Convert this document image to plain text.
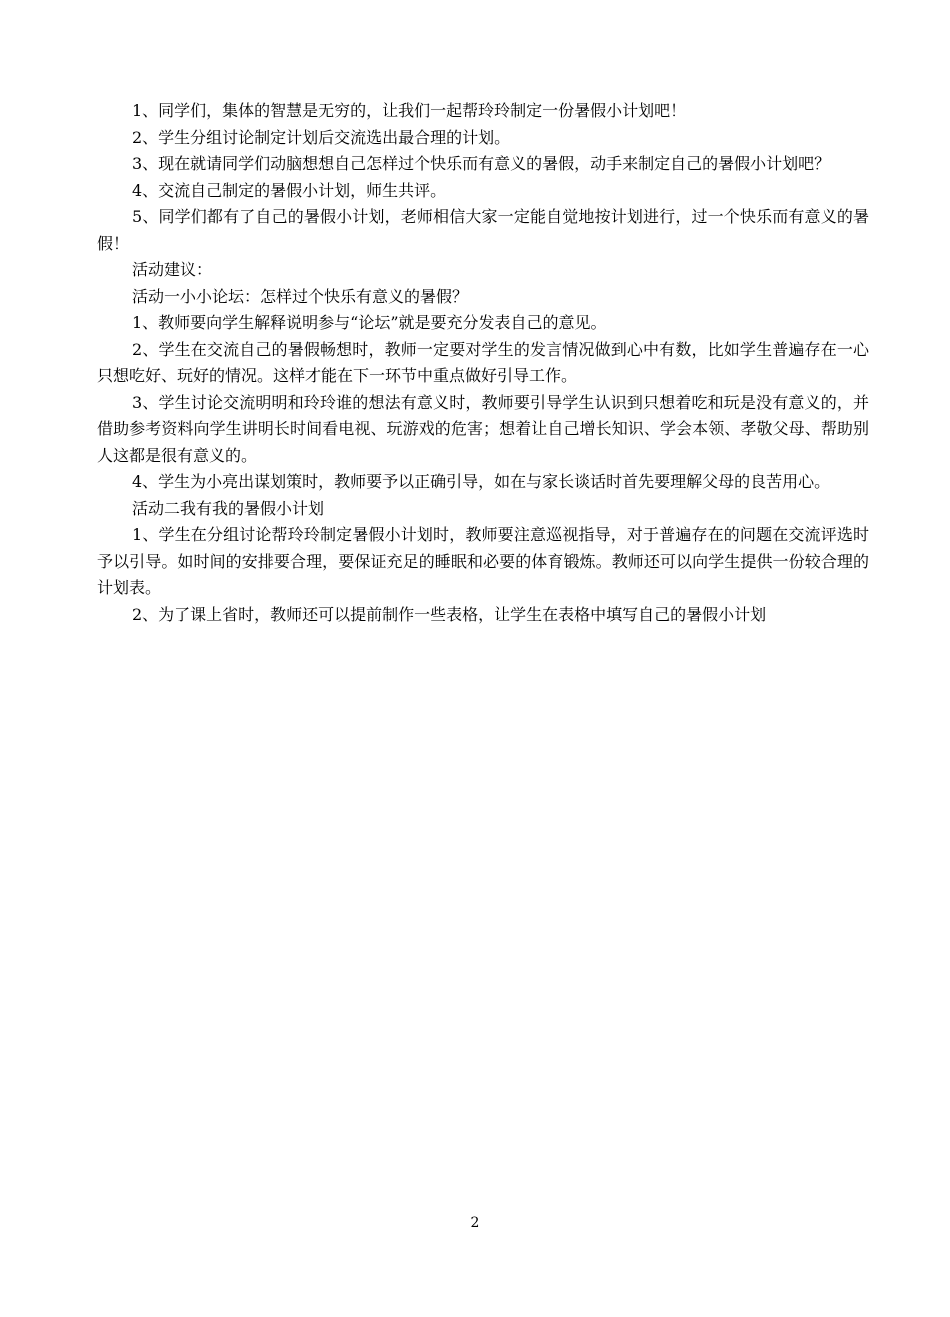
1、同学们，集体的智慧是无穷的，让我们一起帮玲玲制定一份暑假小计划吧！

2、学生分组讨论制定计划后交流选出最合理的计划。

3、现在就请同学们动脑想想自己怎样过个快乐而有意义的暑假，动手来制定自己的暑假小计划吧？

4、交流自己制定的暑假小计划，师生共评。

5、同学们都有了自己的暑假小计划，老师相信大家一定能自觉地按计划进行，过一个快乐而有意义的暑假！

活动建议：

活动一小小论坛：怎样过个快乐有意义的暑假？

1、教师要向学生解释说明参与“论坛”就是要充分发表自己的意见。

2、学生在交流自己的暑假畅想时，教师一定要对学生的发言情况做到心中有数，比如学生普遍存在一心只想吃好、玩好的情况。这样才能在下一环节中重点做好引导工作。

3、学生讨论交流明明和玲玲谁的想法有意义时，教师要引导学生认识到只想着吃和玩是没有意义的，并借助参考资料向学生讲明长时间看电视、玩游戏的危害；想着让自己增长知识、学会本领、孝敬父母、帮助别人这都是很有意义的。

4、学生为小亮出谋划策时，教师要予以正确引导，如在与家长谈话时首先要理解父母的良苦用心。

活动二我有我的暑假小计划

1、学生在分组讨论帮玲玲制定暑假小计划时，教师要注意巡视指导，对于普遍存在的问题在交流评选时予以引导。如时间的安排要合理，要保证充足的睡眠和必要的体育锻炼。教师还可以向学生提供一份较合理的计划表。

2、为了课上省时，教师还可以提前制作一些表格，让学生在表格中填写自己的暑假小计划

2
